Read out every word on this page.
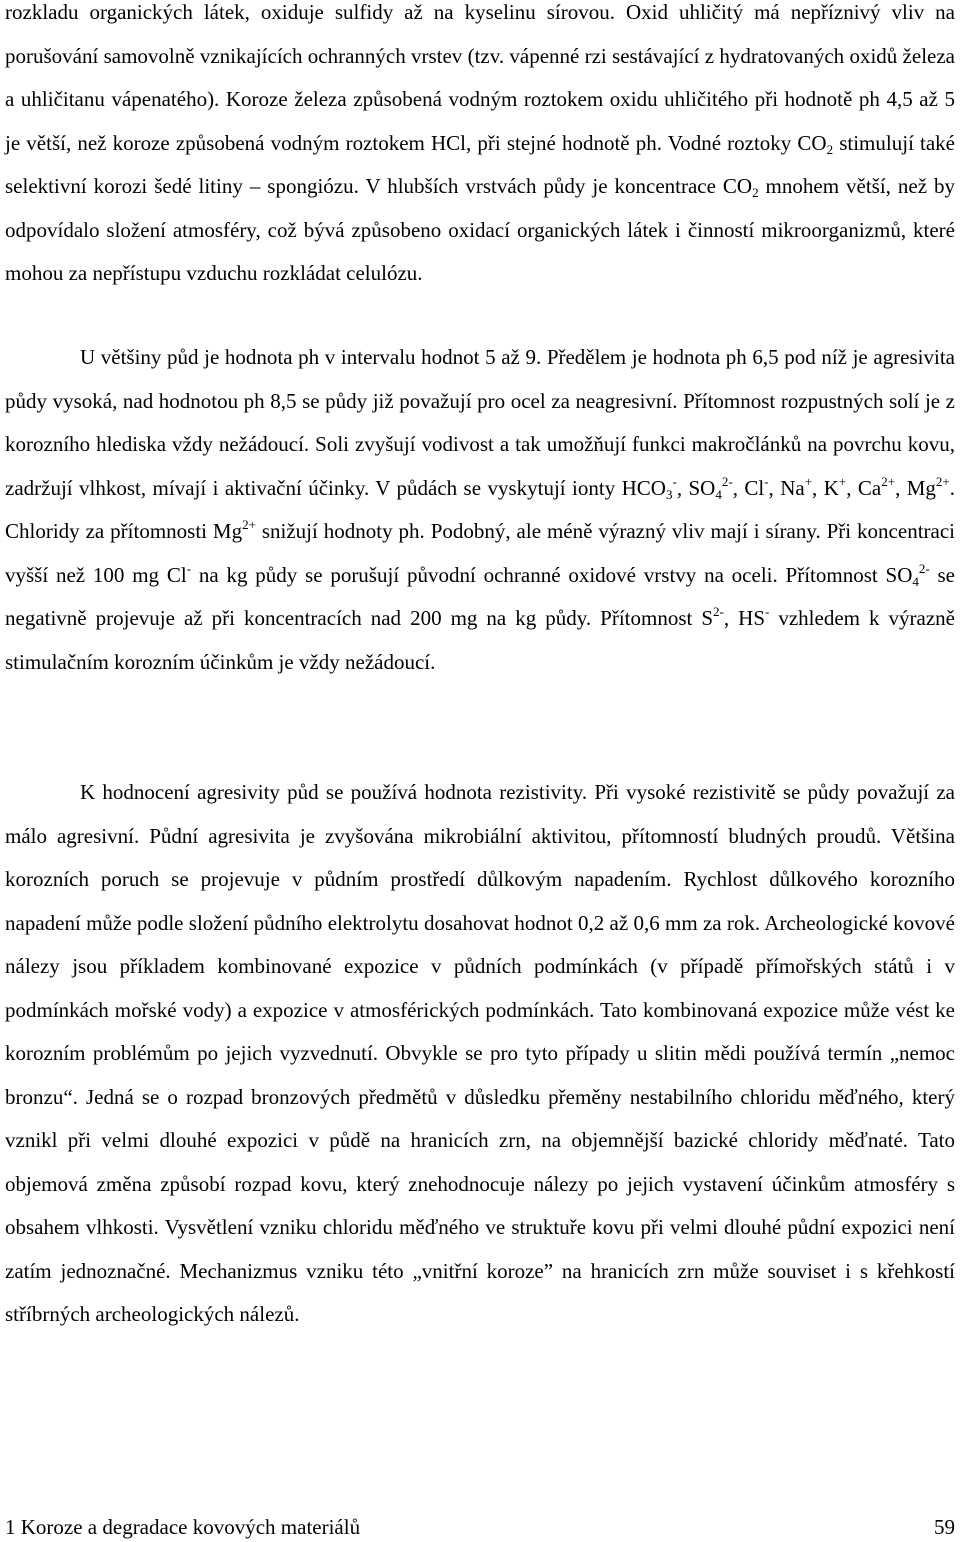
rozkladu organických látek, oxiduje sulfidy až na kyselinu sírovou. Oxid uhličitý má nepříznivý vliv na porušování samovolně vznikajících ochranných vrstev (tzv. vápenné rzi sestávající z hydratovaných oxidů železa a uhličitanu vápenatého). Koroze železa způsobená vodným roztokem oxidu uhličitého při hodnotě ph 4,5 až 5 je větší, než koroze způsobená vodným roztokem HCl, při stejné hodnotě ph. Vodné roztoky $CO_2$ stimulují také selektivní korozi šedé litiny – spongiózu. V hlubších vrstvách půdy je koncentrace $CO_2$ mnohem větší, než by odpovídalo složení atmosféry, což bývá způsobeno oxidací organických látek i činností mikroorganizmů, které mohou za nepřístupu vzduchu rozkládat celulózu.

U většiny půd je hodnota ph v intervalu hodnot 5 až 9. Předělem je hodnota ph 6,5 pod níž je agresivita půdy vysoká, nad hodnotou ph 8,5 se půdy již považují pro ocel za neagresivní. Přítomnost rozpustných solí je z korozního hlediska vždy nežádoucí. Soli zvyšují vodivost a tak umožňují funkci makročlánků na povrchu kovu, zadržují vlhkost, mívají i aktivační účinky. V půdách se vyskytují ionty $HCO_3^-$, $SO_4^{2-}$, Cl-, Na+, K+, $Ca^{2+}$, $Mg^{2+}$. Chloridy za přítomnosti $Mg^{2+}$ snižují hodnoty ph. Podobný, ale méně výrazný vliv mají i sírany. Při koncentraci vyšší než 100 mg Cl- na kg půdy se porušují původní ochranné oxidové vrstvy na oceli. Přítomnost $SO_4^{2-}$ se negativně projevuje až při koncentracích nad 200 mg na kg půdy. Přítomnost $S^{2-}$, HS- vzhledem k výrazně stimulačním korozním účinkům je vždy nežádoucí.

K hodnocení agresivity půd se používá hodnota rezistivity. Při vysoké rezistivitě se půdy považují za málo agresivní. Půdní agresivita je zvyšována mikrobiální aktivitou, přítomností bludných proudů. Většina korozních poruch se projevuje v půdním prostředí důlkovým napadením. Rychlost důlkového korozního napadení může podle složení půdního elektrolytu dosahovat hodnot 0,2 až 0,6 mm za rok. Archeologické kovové nálezy jsou příkladem kombinované expozice v půdních podmínkách (v případě přímořských států i v podmínkách mořské vody) a expozice v atmosférických podmínkách. Tato kombinovaná expozice může vést ke korozním problémům po jejich vyzvednutí. Obvykle se pro tyto případy u slitin mědi používá termín „nemoc bronzu“. Jedná se o rozpad bronzových předmětů v důsledku přeměny nestabilního chloridu měďného, který vznikl při velmi dlouhé expozici v půdě na hranicích zrn, na objemnější bazické chloridy měďnaté. Tato objemová změna způsobí rozpad kovu, který znehodnocuje nálezy po jejich vystavení účinkům atmosféry s obsahem vlhkosti. Vysvětlení vzniku chloridu měďného ve struktuře kovu při velmi dlouhé půdní expozici není zatím jednoznačné. Mechanizmus vzniku této „vnitřní korozeˮ na hranicích zrn může souviset i s křehkostí stříbrných archeologických nálezů.

1 Koroze a degradace kovových materiálů	59
